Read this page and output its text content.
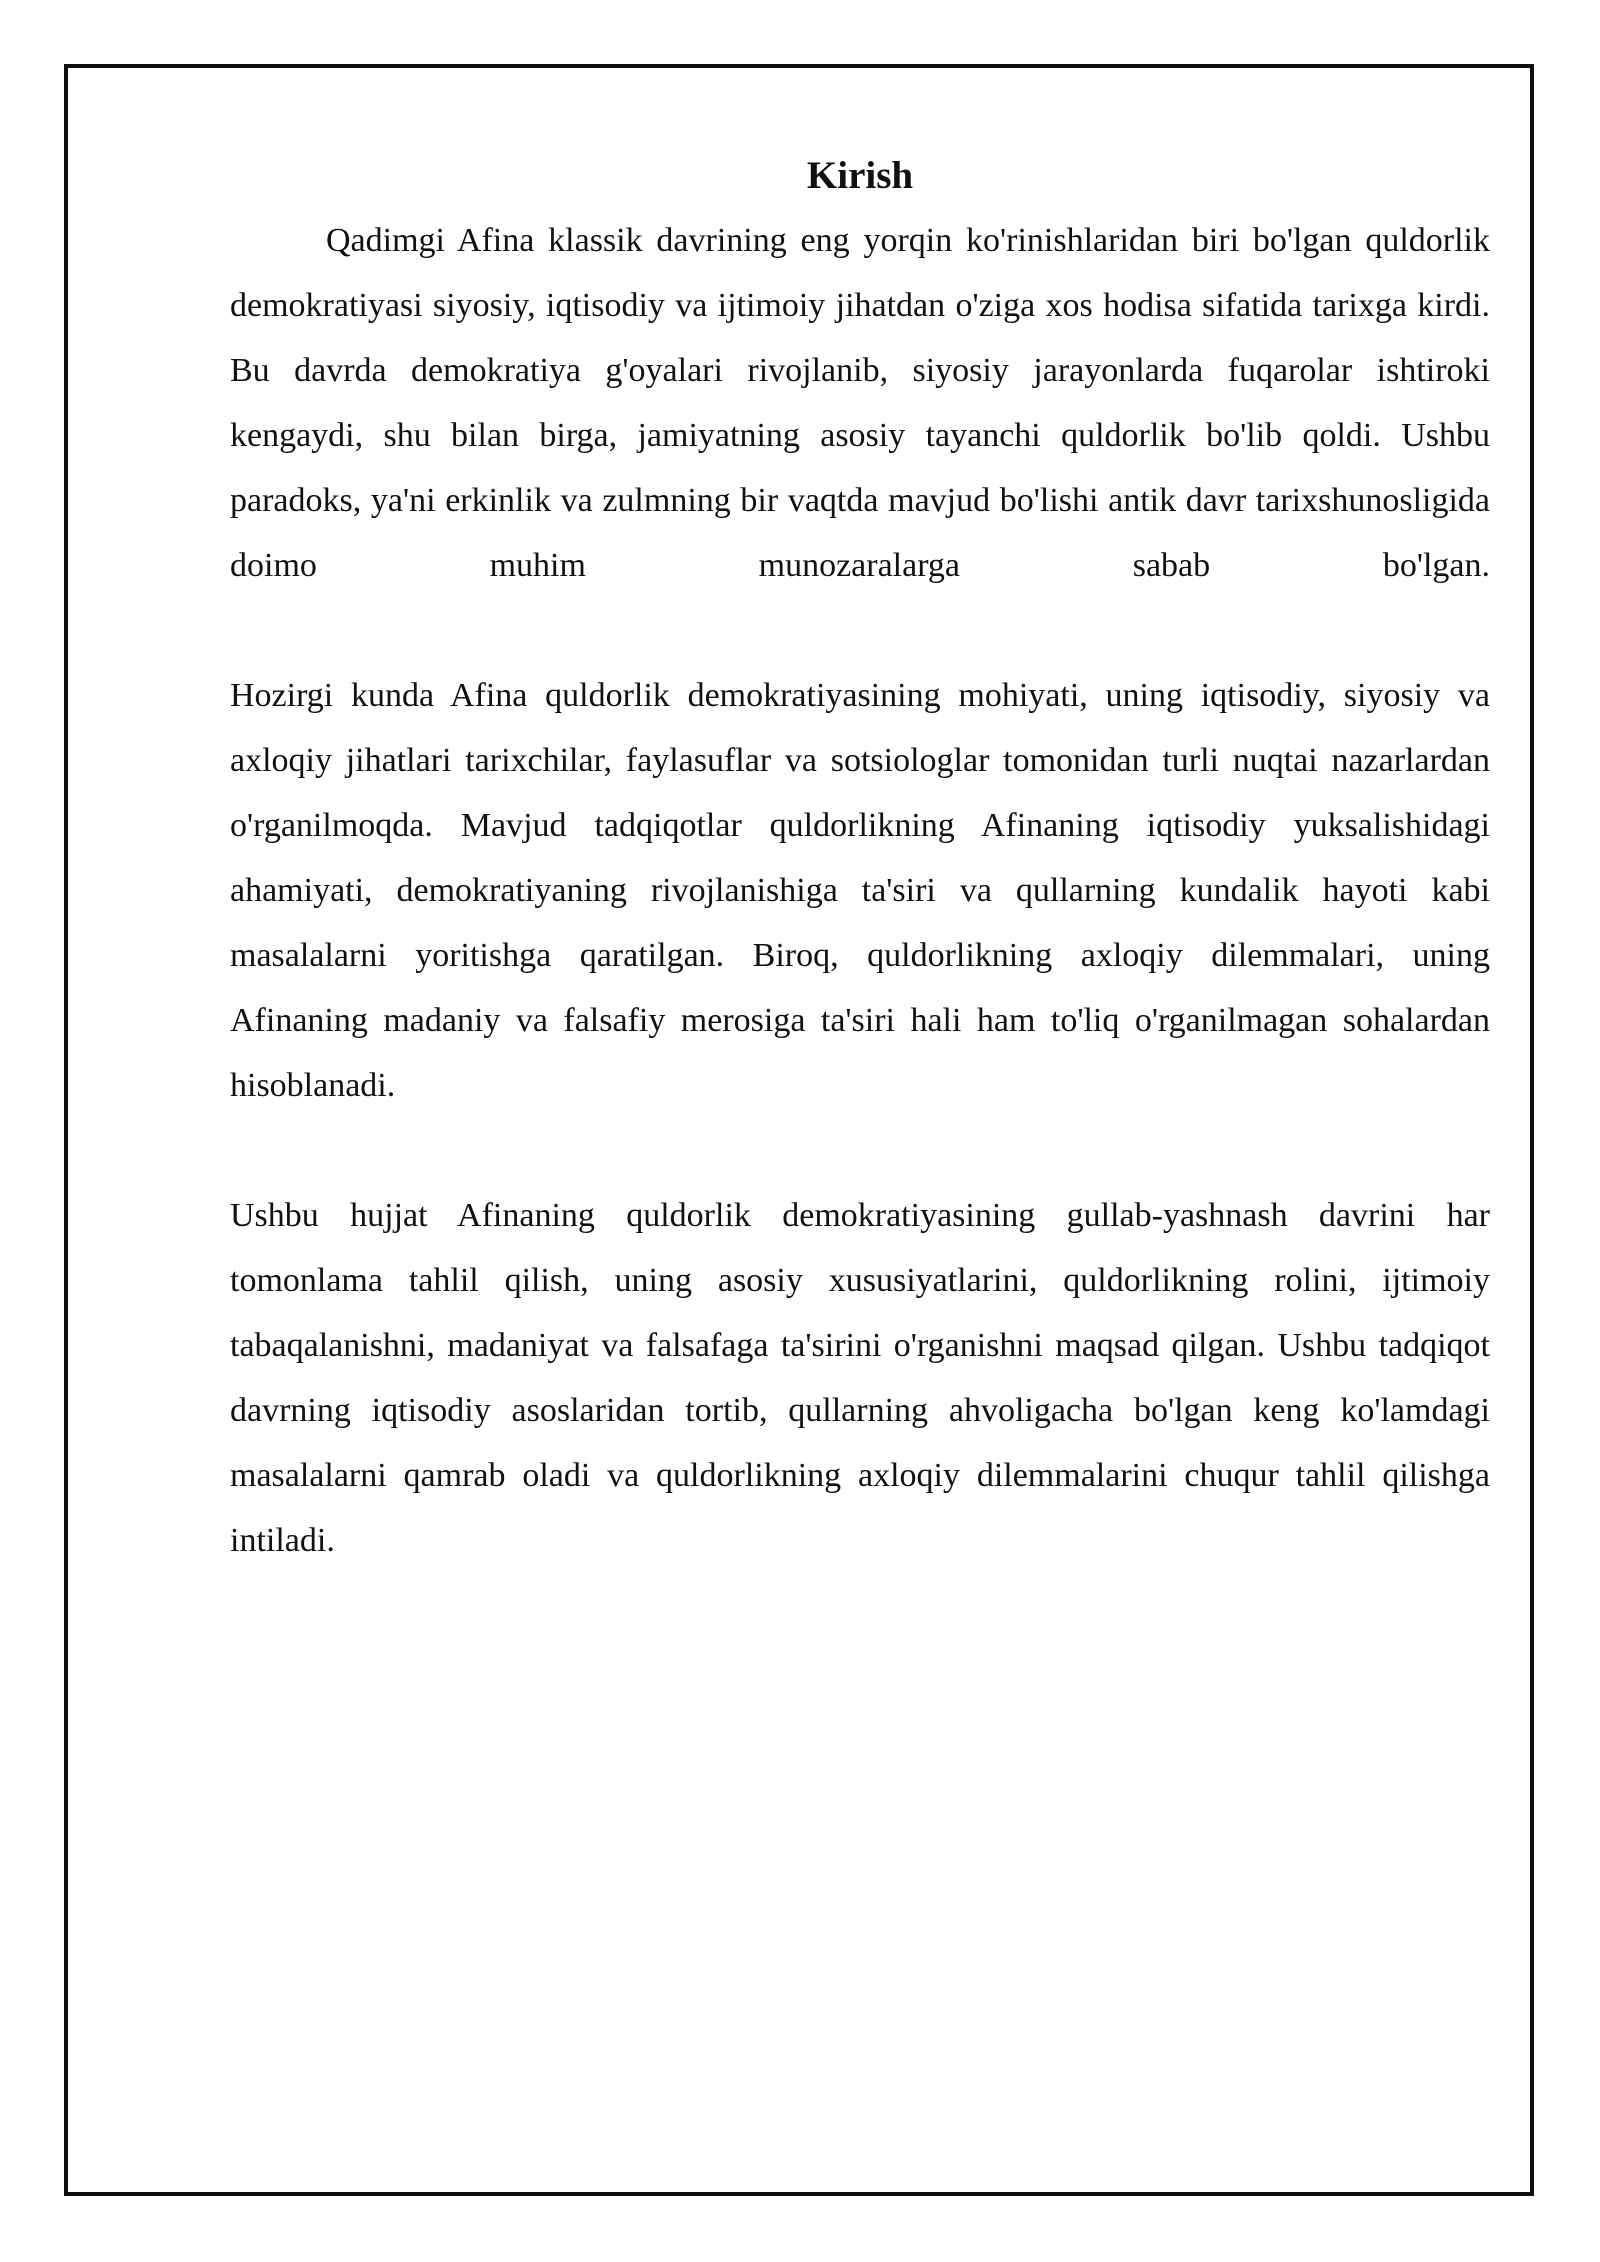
Kirish

Qadimgi Afina klassik davrining eng yorqin ko'rinishlaridan biri bo'lgan quldorlik demokratiyasi siyosiy, iqtisodiy va ijtimoiy jihatdan o'ziga xos hodisa sifatida tarixga kirdi. Bu davrda demokratiya g'oyalari rivojlanib, siyosiy jarayonlarda fuqarolar ishtiroki kengaydi, shu bilan birga, jamiyatning asosiy tayanchi quldorlik bo'lib qoldi. Ushbu paradoks, ya'ni erkinlik va zulmning bir vaqtda mavjud bo'lishi antik davr tarixshunosligida doimo muhim munozaralarga sabab bo'lgan.

Hozirgi kunda Afina quldorlik demokratiyasining mohiyati, uning iqtisodiy, siyosiy va axloqiy jihatlari tarixchilar, faylasuflar va sotsiologlar tomonidan turli nuqtai nazarlardan o'rganilmoqda. Mavjud tadqiqotlar quldorlikning Afinaning iqtisodiy yuksalishidagi ahamiyati, demokratiyaning rivojlanishiga ta'siri va qullarning kundalik hayoti kabi masalalarni yoritishga qaratilgan. Biroq, quldorlikning axloqiy dilemmalari, uning Afinaning madaniy va falsafiy merosiga ta'siri hali ham to'liq o'rganilmagan sohalardan hisoblanadi.

Ushbu hujjat Afinaning quldorlik demokratiyasining gullab-yashnash davrini har tomonlama tahlil qilish, uning asosiy xususiyatlarini, quldorlikning rolini, ijtimoiy tabaqalanishni, madaniyat va falsafaga ta'sirini o'rganishni maqsad qilgan. Ushbu tadqiqot davrning iqtisodiy asoslaridan tortib, qullarning ahvoligacha bo'lgan keng ko'lamdagi masalalarni qamrab oladi va quldorlikning axloqiy dilemmalarini chuqur tahlil qilishga intiladi.
